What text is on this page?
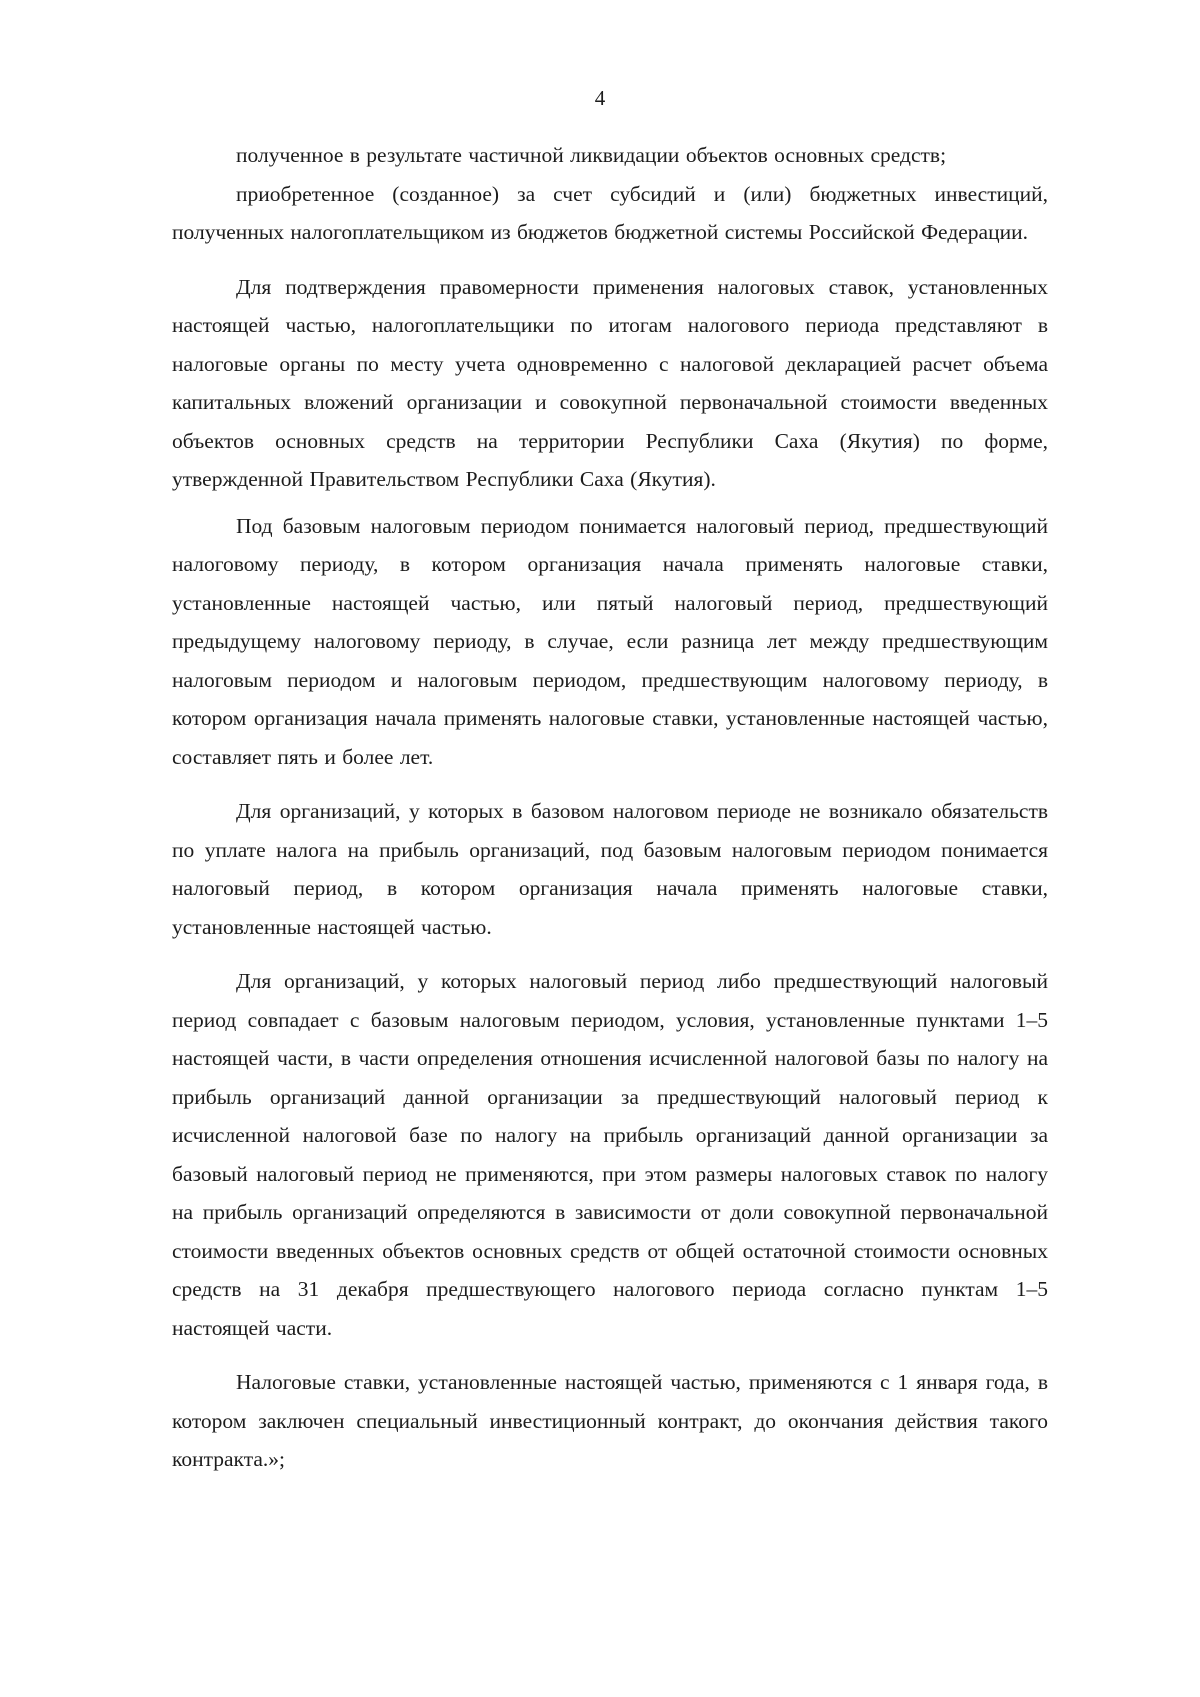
4

полученное в результате частичной ликвидации объектов основных средств;

приобретенное (созданное) за счет субсидий и (или) бюджетных инвестиций, полученных налогоплательщиком из бюджетов бюджетной системы Российской Федерации.

Для подтверждения правомерности применения налоговых ставок, установленных настоящей частью, налогоплательщики по итогам налогового периода представляют в налоговые органы по месту учета одновременно с налоговой декларацией расчет объема капитальных вложений организации и совокупной первоначальной стоимости введенных объектов основных средств на территории Республики Саха (Якутия) по форме, утвержденной Правительством Республики Саха (Якутия).

Под базовым налоговым периодом понимается налоговый период, предшествующий налоговому периоду, в котором организация начала применять налоговые ставки, установленные настоящей частью, или пятый налоговый период, предшествующий предыдущему налоговому периоду, в случае, если разница лет между предшествующим налоговым периодом и налоговым периодом, предшествующим налоговому периоду, в котором организация начала применять налоговые ставки, установленные настоящей частью, составляет пять и более лет.

Для организаций, у которых в базовом налоговом периоде не возникало обязательств по уплате налога на прибыль организаций, под базовым налоговым периодом понимается налоговый период, в котором организация начала применять налоговые ставки, установленные настоящей частью.

Для организаций, у которых налоговый период либо предшествующий налоговый период совпадает с базовым налоговым периодом, условия, установленные пунктами 1–5 настоящей части, в части определения отношения исчисленной налоговой базы по налогу на прибыль организаций данной организации за предшествующий налоговый период к исчисленной налоговой базе по налогу на прибыль организаций данной организации за базовый налоговый период не применяются, при этом размеры налоговых ставок по налогу на прибыль организаций определяются в зависимости от доли совокупной первоначальной стоимости введенных объектов основных средств от общей остаточной стоимости основных средств на 31 декабря предшествующего налогового периода согласно пунктам 1–5 настоящей части.

Налоговые ставки, установленные настоящей частью, применяются с 1 января года, в котором заключен специальный инвестиционный контракт, до окончания действия такого контракта.»;
